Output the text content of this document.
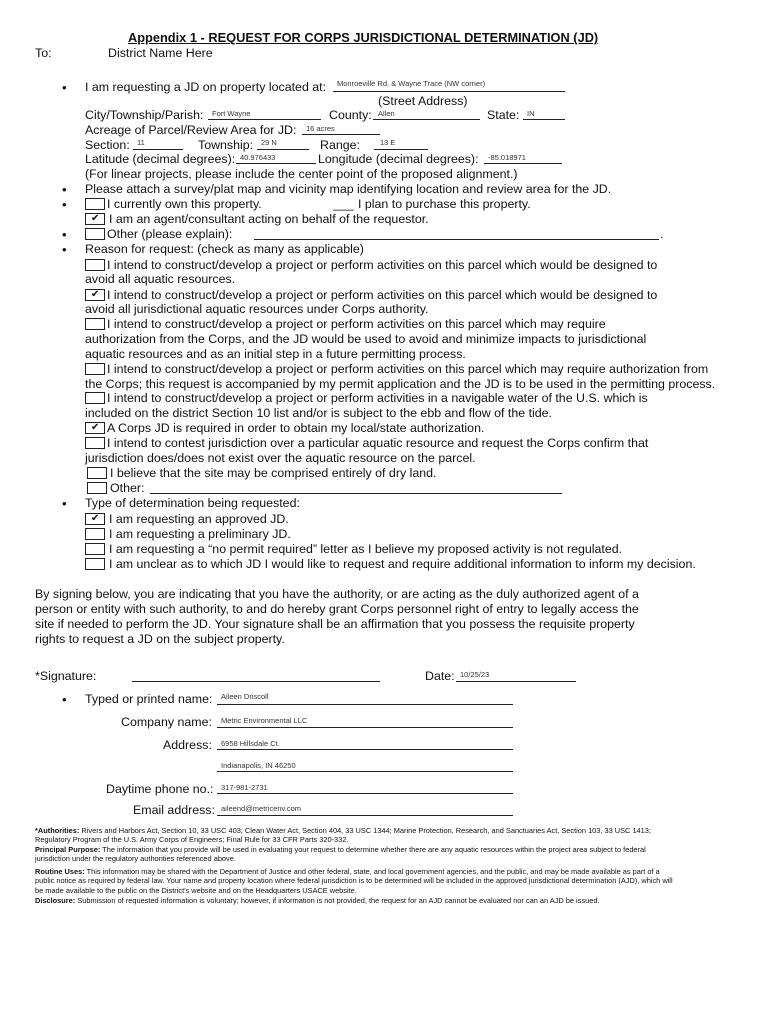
Appendix 1 - REQUEST FOR CORPS JURISDICTIONAL DETERMINATION (JD)
To:	District Name Here
• I am requesting a JD on property located at: Monroeville Rd. & Wayne Trace (NW corner)
(Street Address)
City/Township/Parish: Fort Wayne	County: Allen	State: IN
Acreage of Parcel/Review Area for JD: 16 acres
Section: 11	Township: 29 N	Range:	13 E
Latitude (decimal degrees): 40.976433	Longitude (decimal degrees): -85.018971
(For linear projects, please include the center point of the proposed alignment.)
• Please attach a survey/plat map and vicinity map identifying location and review area for the JD.
•	I currently own this property.	___ I plan to purchase this property.
✔ I am an agent/consultant acting on behalf of the requestor.
•	Other (please explain):	.
• Reason for request: (check as many as applicable)
I intend to construct/develop a project or perform activities on this parcel which would be designed to
avoid all aquatic resources.
✔ I intend to construct/develop a project or perform activities on this parcel which would be designed to
avoid all jurisdictional aquatic resources under Corps authority.
I intend to construct/develop a project or perform activities on this parcel which may require
authorization from the Corps, and the JD would be used to avoid and minimize impacts to jurisdictional
aquatic resources and as an initial step in a future permitting process.
I intend to construct/develop a project or perform activities on this parcel which may require authorization from
the Corps; this request is accompanied by my permit application and the JD is to be used in the permitting process.
I intend to construct/develop a project or perform activities in a navigable water of the U.S. which is
included on the district Section 10 list and/or is subject to the ebb and flow of the tide.
✔ A Corps JD is required in order to obtain my local/state authorization.
I intend to contest jurisdiction over a particular aquatic resource and request the Corps confirm that
jurisdiction does/does not exist over the aquatic resource on the parcel.
I believe that the site may be comprised entirely of dry land.
Other:
• Type of determination being requested:
✔ I am requesting an approved JD.
I am requesting a preliminary JD.
I am requesting a “no permit required” letter as I believe my proposed activity is not regulated.
I am unclear as to which JD I would like to request and require additional information to inform my decision.
By signing below, you are indicating that you have the authority, or are acting as the duly authorized agent of a
person or entity with such authority, to and do hereby grant Corps personnel right of entry to legally access the
site if needed to perform the JD. Your signature shall be an affirmation that you possess the requisite property
rights to request a JD on the subject property.
*Signature:	Date: 10/25/23
• Typed or printed name: Aileen Driscoll
Company name: Metric Environmental LLC
Address: 6958 Hillsdale Ct.
Indianapolis, IN 46250
Daytime phone no.: 317-981-2731
Email address: aileend@metricenv.com
*Authorities: Rivers and Harbors Act, Section 10, 33 USC 403; Clean Water Act, Section 404, 33 USC 1344; Marine Protection, Research, and Sanctuaries Act, Section 103, 33 USC 1413; Regulatory Program of the U.S. Army Corps of Engineers; Final Rule for 33 CFR Parts 320-332.
Principal Purpose: The information that you provide will be used in evaluating your request to determine whether there are any aquatic resources within the project area subject to federal jurisdiction under the regulatory authorities referenced above.
Routine Uses: This information may be shared with the Department of Justice and other federal, state, and local government agencies, and the public, and may be made available as part of a public notice as required by federal law. Your name and property location where federal jurisdiction is to be determined will be included in the approved jurisdictional determination (AJD), which will be made available to the public on the District's website and on the Headquarters USACE website.
Disclosure: Submission of requested information is voluntary; however, if information is not provided, the request for an AJD cannot be evaluated nor can an AJD be issued.
